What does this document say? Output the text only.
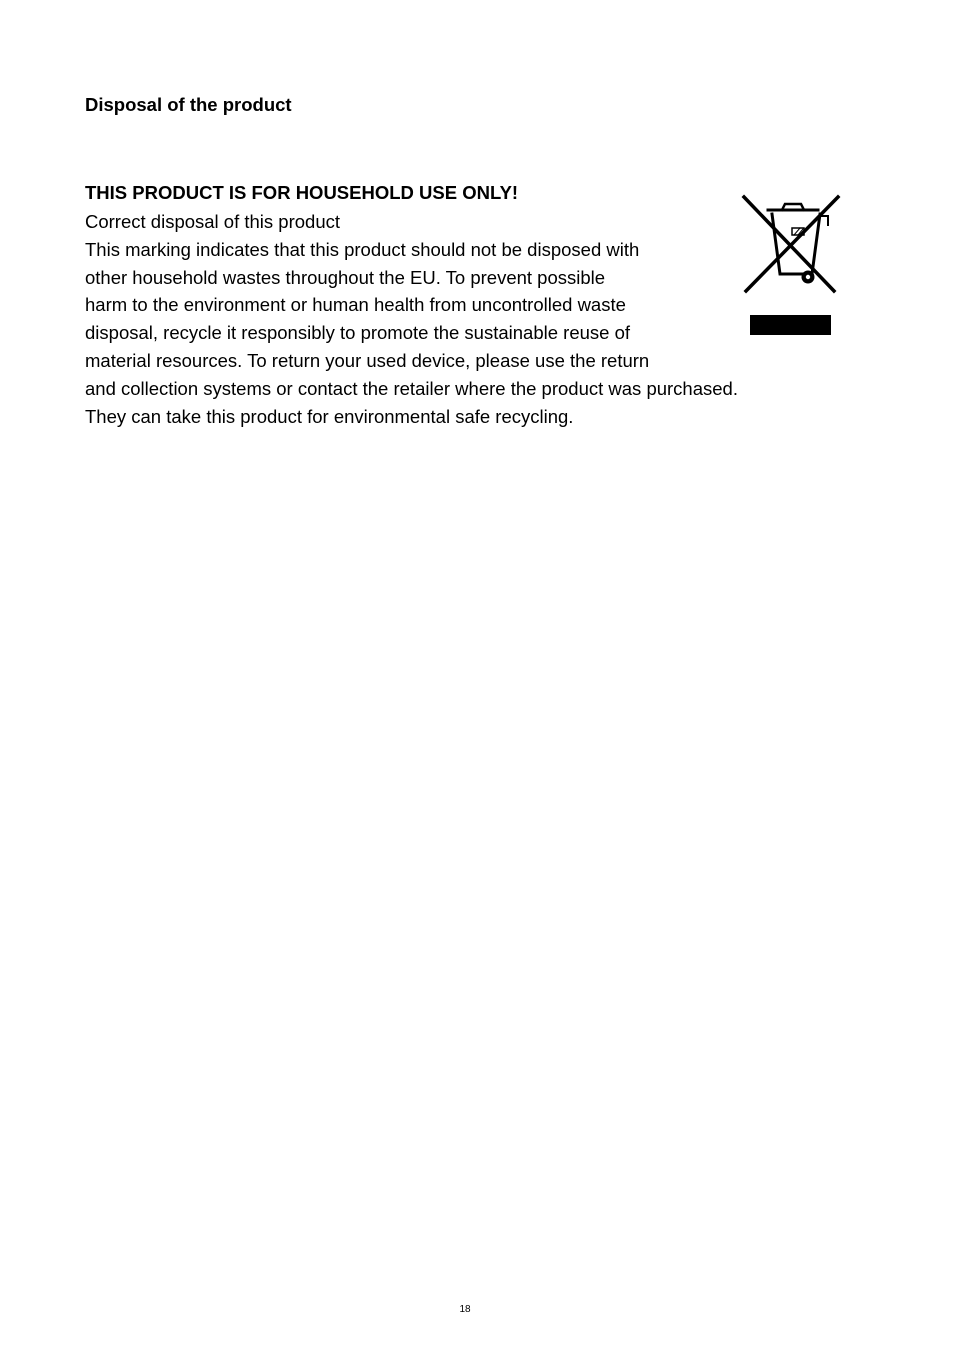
Disposal of the product
THIS PRODUCT IS FOR HOUSEHOLD USE ONLY!
Correct disposal of this product
This marking indicates that this product should not be disposed with
other household wastes throughout the EU. To prevent possible
harm to the environment or human health from uncontrolled waste
disposal, recycle it responsibly to promote the sustainable reuse of
material resources. To return your used device, please use the return
and collection systems or contact the retailer where the product was purchased.
They can take this product for environmental safe recycling.
18
